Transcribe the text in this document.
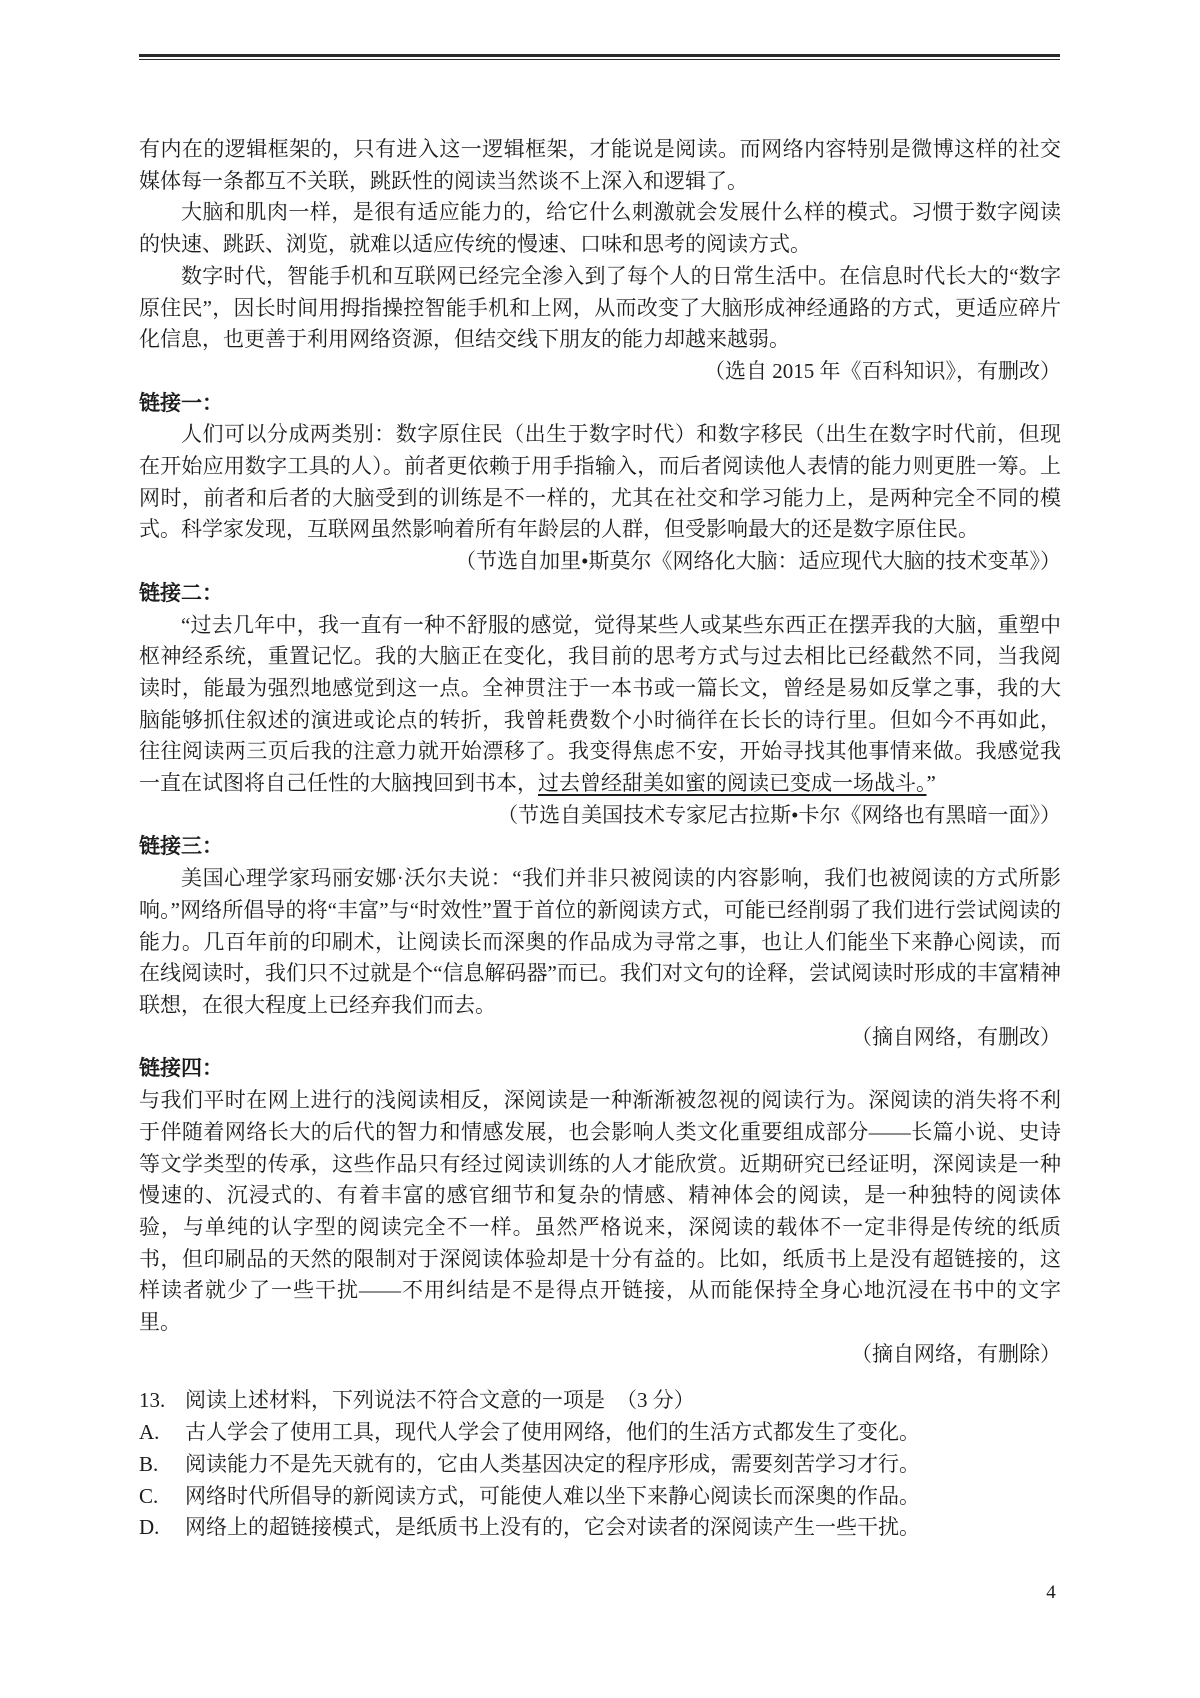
有内在的逻辑框架的，只有进入这一逻辑框架，才能说是阅读。而网络内容特别是微博这样的社交媒体每一条都互不关联，跳跃性的阅读当然谈不上深入和逻辑了。

大脑和肌肉一样，是很有适应能力的，给它什么刺激就会发展什么样的模式。习惯于数字阅读的快速、跳跃、浏览，就难以适应传统的慢速、口味和思考的阅读方式。

数字时代，智能手机和互联网已经完全渗入到了每个人的日常生活中。在信息时代长大的“数字原住民”，因长时间用拇指操控智能手机和上网，从而改变了大脑形成神经通路的方式，更适应碎片化信息，也更善于利用网络资源，但结交线下朋友的能力却越来越弱。

（选自 2015 年《百科知识》，有删改）

链接一：

人们可以分成两类别：数字原住民（出生于数字时代）和数字移民（出生在数字时代前，但现在开始应用数字工具的人）。前者更依赖于用手指输入，而后者阅读他人表情的能力则更胜一筹。上网时，前者和后者的大脑受到的训练是不一样的，尤其在社交和学习能力上，是两种完全不同的模式。科学家发现，互联网虽然影响着所有年龄层的人群，但受影响最大的还是数字原住民。

（节选自加里•斯莫尔《网络化大脑：适应现代大脑的技术变革》）

链接二：

“过去几年中，我一直有一种不舒服的感觉，觉得某些人或某些东西正在摆弄我的大脑，重塑中枢神经系统，重置记忆。我的大脑正在变化，我目前的思考方式与过去相比已经截然不同，当我阅读时，能最为强烈地感觉到这一点。全神贯注于一本书或一篇长文，曾经是易如反掌之事，我的大脑能够抓住叙述的演进或论点的转折，我曾耗费数个小时徜徉在长长的诗行里。但如今不再如此，往往阅读两三页后我的注意力就开始漂移了。我变得焦虑不安，开始寻找其他事情来做。我感觉我一直在试图将自己任性的大脑拽回到书本，过去曾经甜美如蜜的阅读已变成一场战斗。”

（节选自美国技术专家尼古拉斯•卡尔《网络也有黑暗一面》）

链接三：

美国心理学家玛丽安娜·沃尔夫说：“我们并非只被阅读的内容影响，我们也被阅读的方式所影响。”网络所倡导的将“丰富”与“时效性”置于首位的新阅读方式，可能已经削弱了我们进行尝试阅读的能力。几百年前的印刷术，让阅读长而深奥的作品成为寻常之事，也让人们能坐下来静心阅读，而在线阅读时，我们只不过就是个“信息解码器”而已。我们对文句的诠释，尝试阅读时形成的丰富精神联想，在很大程度上已经弃我们而去。

（摘自网络，有删改）

链接四：

与我们平时在网上进行的浅阅读相反，深阅读是一种渐渐被忽视的阅读行为。深阅读的消失将不利于伴随着网络长大的后代的智力和情感发展，也会影响人类文化重要组成部分——长篇小说、史诗等文学类型的传承，这些作品只有经过阅读训练的人才能欣赏。近期研究已经证明，深阅读是一种慢速的、沉浸式的、有着丰富的感官细节和复杂的情感、精神体会的阅读，是一种独特的阅读体验，与单纯的认字型的阅读完全不一样。虽然严格说来，深阅读的载体不一定非得是传统的纸质书，但印刷品的天然的限制对于深阅读体验却是十分有益的。比如，纸质书上是没有超链接的，这样读者就少了一些干扰——不用纠结是不是得点开链接，从而能保持全身心地沉浸在书中的文字里。

（摘自网络，有删除）

13. 阅读上述材料，下列说法不符合文意的一项是 （3 分）
A.	古人学会了使用工具，现代人学会了使用网络，他们的生活方式都发生了变化。
B.	阅读能力不是先天就有的，它由人类基因决定的程序形成，需要刻苦学习才行。
C.	网络时代所倡导的新阅读方式，可能使人难以坐下来静心阅读长而深奥的作品。
D.	网络上的超链接模式，是纸质书上没有的，它会对读者的深阅读产生一些干扰。
4
